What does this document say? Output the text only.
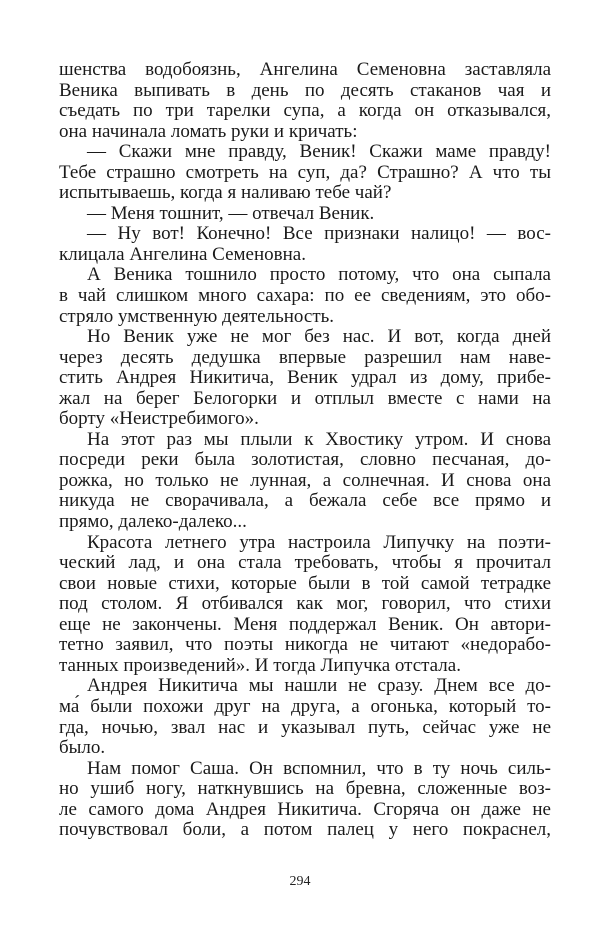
шенства водобоязнь, Ангелина Семеновна заставляла
Веника выпивать в день по десять стаканов чая и
съедать по три тарелки супа, а когда он отказывался,
она начинала ломать руки и кричать:
— Скажи мне правду, Веник! Скажи маме правду!
Тебе страшно смотреть на суп, да? Страшно? А что ты
испытываешь, когда я наливаю тебе чай?
— Меня тошнит, — отвечал Веник.
— Ну вот! Конечно! Все признаки налицо! — вос-
клицала Ангелина Семеновна.
А Веника тошнило просто потому, что она сыпала
в чай слишком много сахара: по ее сведениям, это обо-
стряло умственную деятельность.
Но Веник уже не мог без нас. И вот, когда дней
через десять дедушка впервые разрешил нам наве-
стить Андрея Никитича, Веник удрал из дому, прибе-
жал на берег Белогорки и отплыл вместе с нами на
борту «Неистребимого».
На этот раз мы плыли к Хвостику утром. И снова
посреди реки была золотистая, словно песчаная, до-
рожка, но только не лунная, а солнечная. И снова она
никуда не сворачивала, а бежала себе все прямо и
прямо, далеко-далеко...
Красота летнего утра настроила Липучку на поэти-
ческий лад, и она стала требовать, чтобы я прочитал
свои новые стихи, которые были в той самой тетрадке
под столом. Я отбивался как мог, говорил, что стихи
еще не закончены. Меня поддержал Веник. Он автори-
тетно заявил, что поэты никогда не читают «недорабо-
танных произведений». И тогда Липучка отстала.
Андрея Никитича мы нашли не сразу. Днем все до-
ма́ были похожи друг на друга, а огонька, который то-
гда, ночью, звал нас и указывал путь, сейчас уже не
было.
Нам помог Саша. Он вспомнил, что в ту ночь силь-
но ушиб ногу, наткнувшись на бревна, сложенные воз-
ле самого дома Андрея Никитича. Сгоряча он даже не
почувствовал боли, а потом палец у него покраснел,
294
